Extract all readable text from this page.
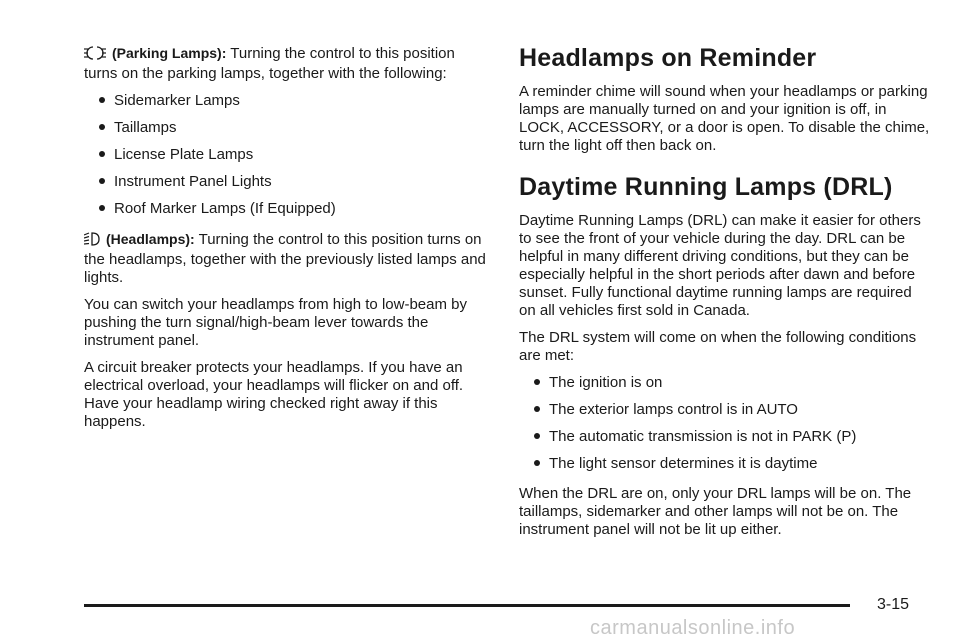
(Parking Lamps): Turning the control to this position turns on the parking lamps, together with the following:

Sidemarker Lamps
Taillamps
License Plate Lamps
Instrument Panel Lights
Roof Marker Lamps (If Equipped)

(Headlamps): Turning the control to this position turns on the headlamps, together with the previously listed lamps and lights.

You can switch your headlamps from high to low-beam by pushing the turn signal/high-beam lever towards the instrument panel.

A circuit breaker protects your headlamps. If you have an electrical overload, your headlamps will flicker on and off. Have your headlamp wiring checked right away if this happens.

Headlamps on Reminder

A reminder chime will sound when your headlamps or parking lamps are manually turned on and your ignition is off, in LOCK, ACCESSORY, or a door is open. To disable the chime, turn the light off then back on.

Daytime Running Lamps (DRL)

Daytime Running Lamps (DRL) can make it easier for others to see the front of your vehicle during the day. DRL can be helpful in many different driving conditions, but they can be especially helpful in the short periods after dawn and before sunset. Fully functional daytime running lamps are required on all vehicles first sold in Canada.

The DRL system will come on when the following conditions are met:

The ignition is on
The exterior lamps control is in AUTO
The automatic transmission is not in PARK (P)
The light sensor determines it is daytime

When the DRL are on, only your DRL lamps will be on. The taillamps, sidemarker and other lamps will not be on. The instrument panel will not be lit up either.

3-15
carmanualsonline.info
